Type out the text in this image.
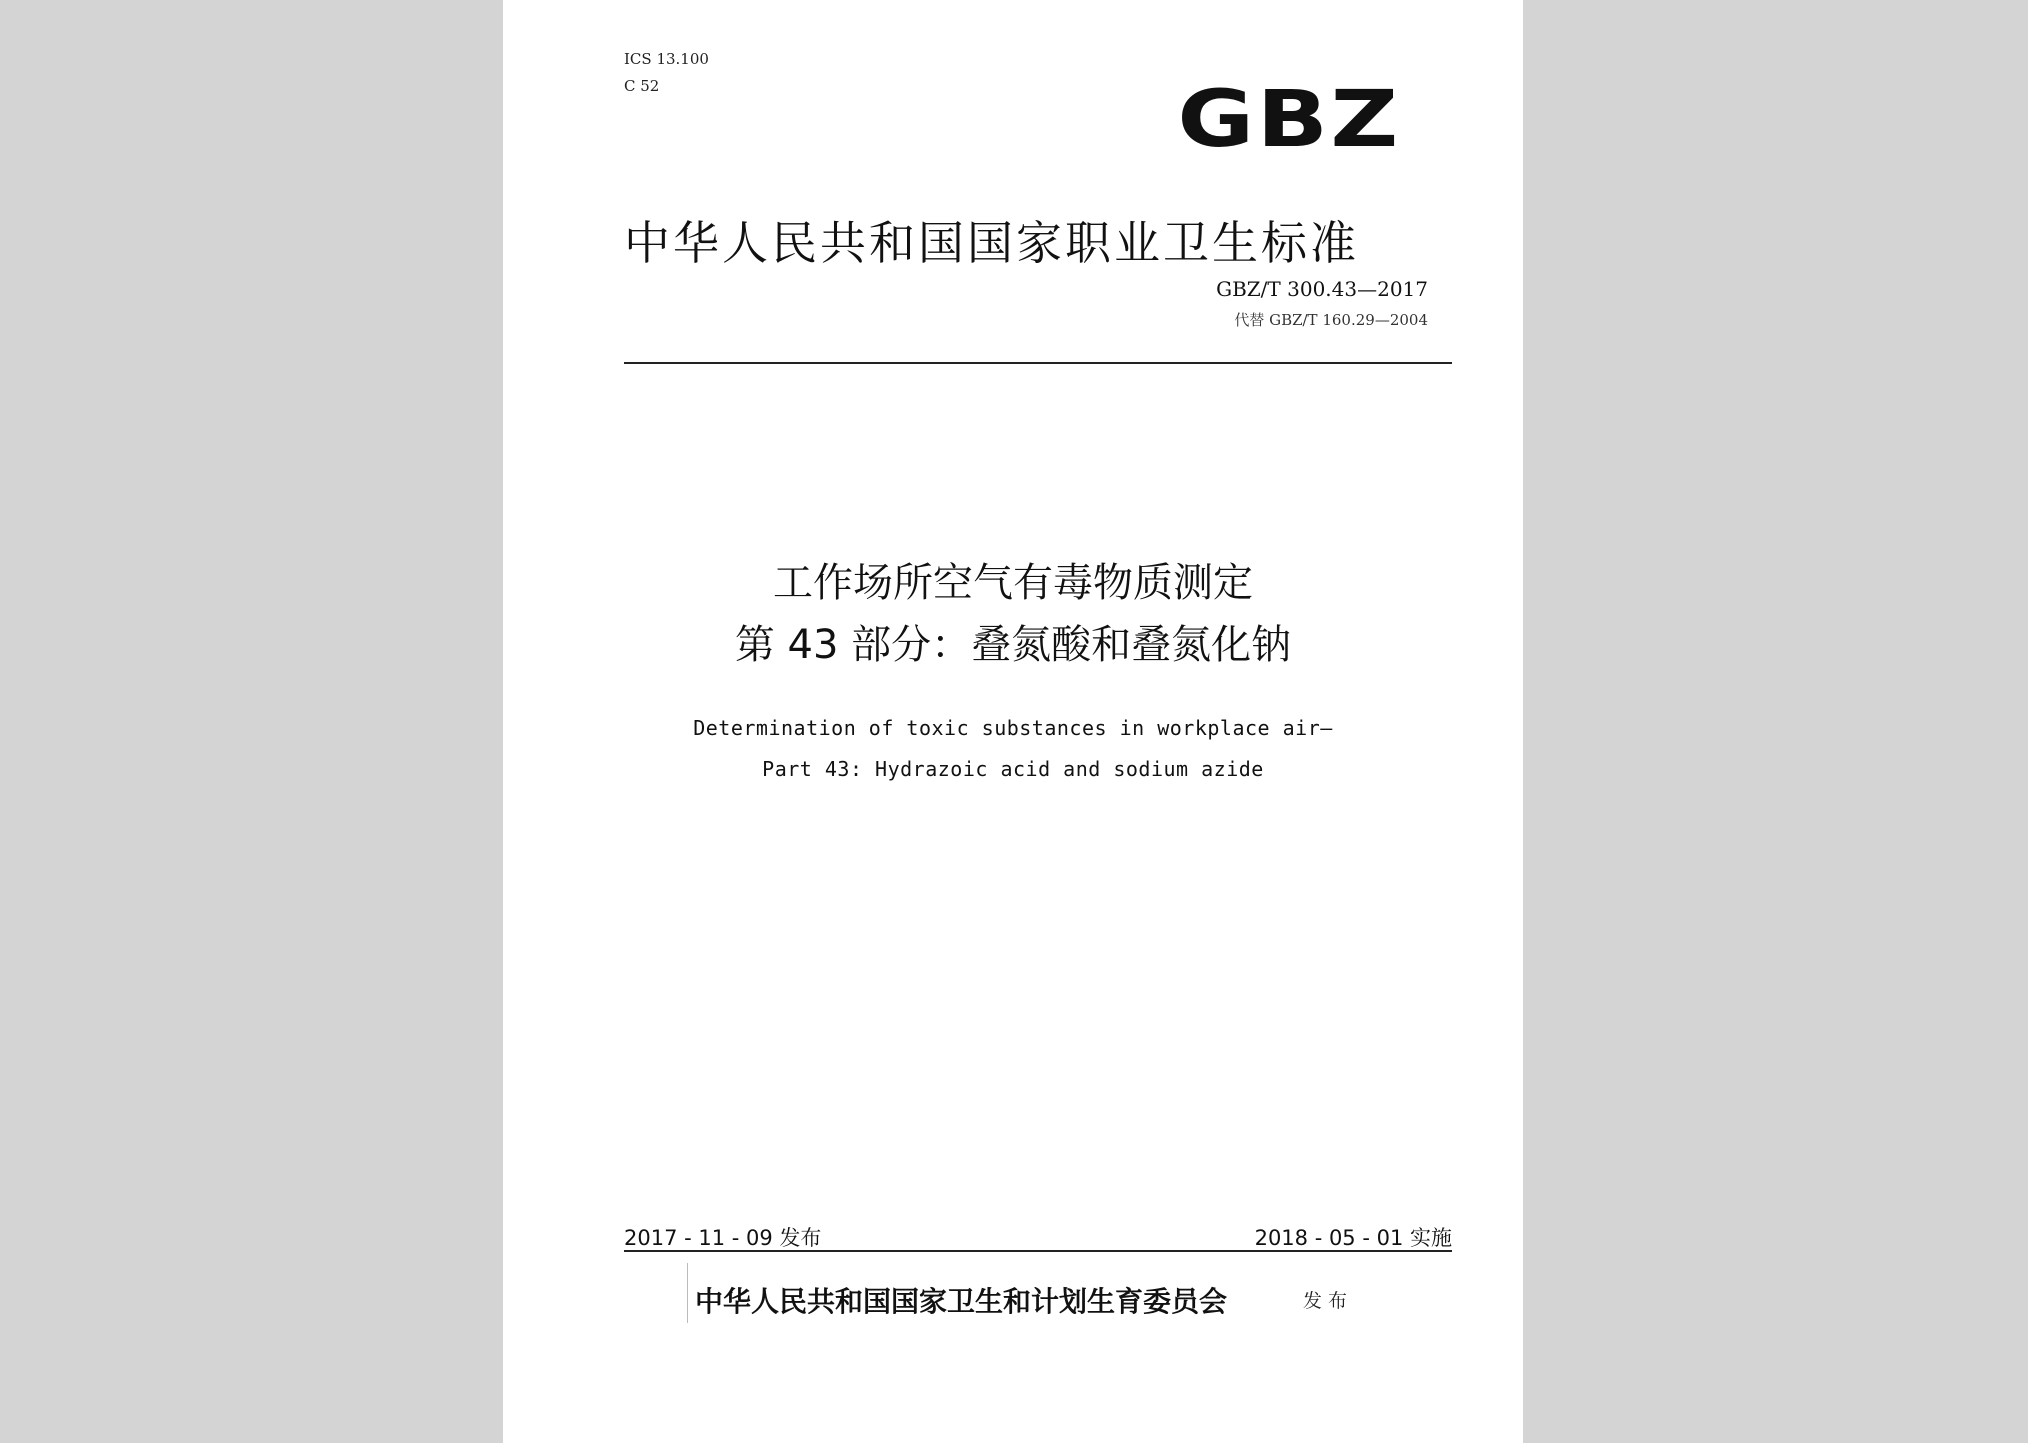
ICS 13.100
C 52	GBZ
中华人民共和国国家职业卫生标准
GBZ/T 300.43—2017
代替 GBZ/T 160.29—2004
工作场所空气有毒物质测定
第 43 部分：叠氮酸和叠氮化钠
Determination of toxic substances in workplace air—
Part 43: Hydrazoic acid and sodium azide
2017 - 11 - 09 发布	2018 - 05 - 01 实施
中华人民共和国国家卫生和计划生育委员会	发布
